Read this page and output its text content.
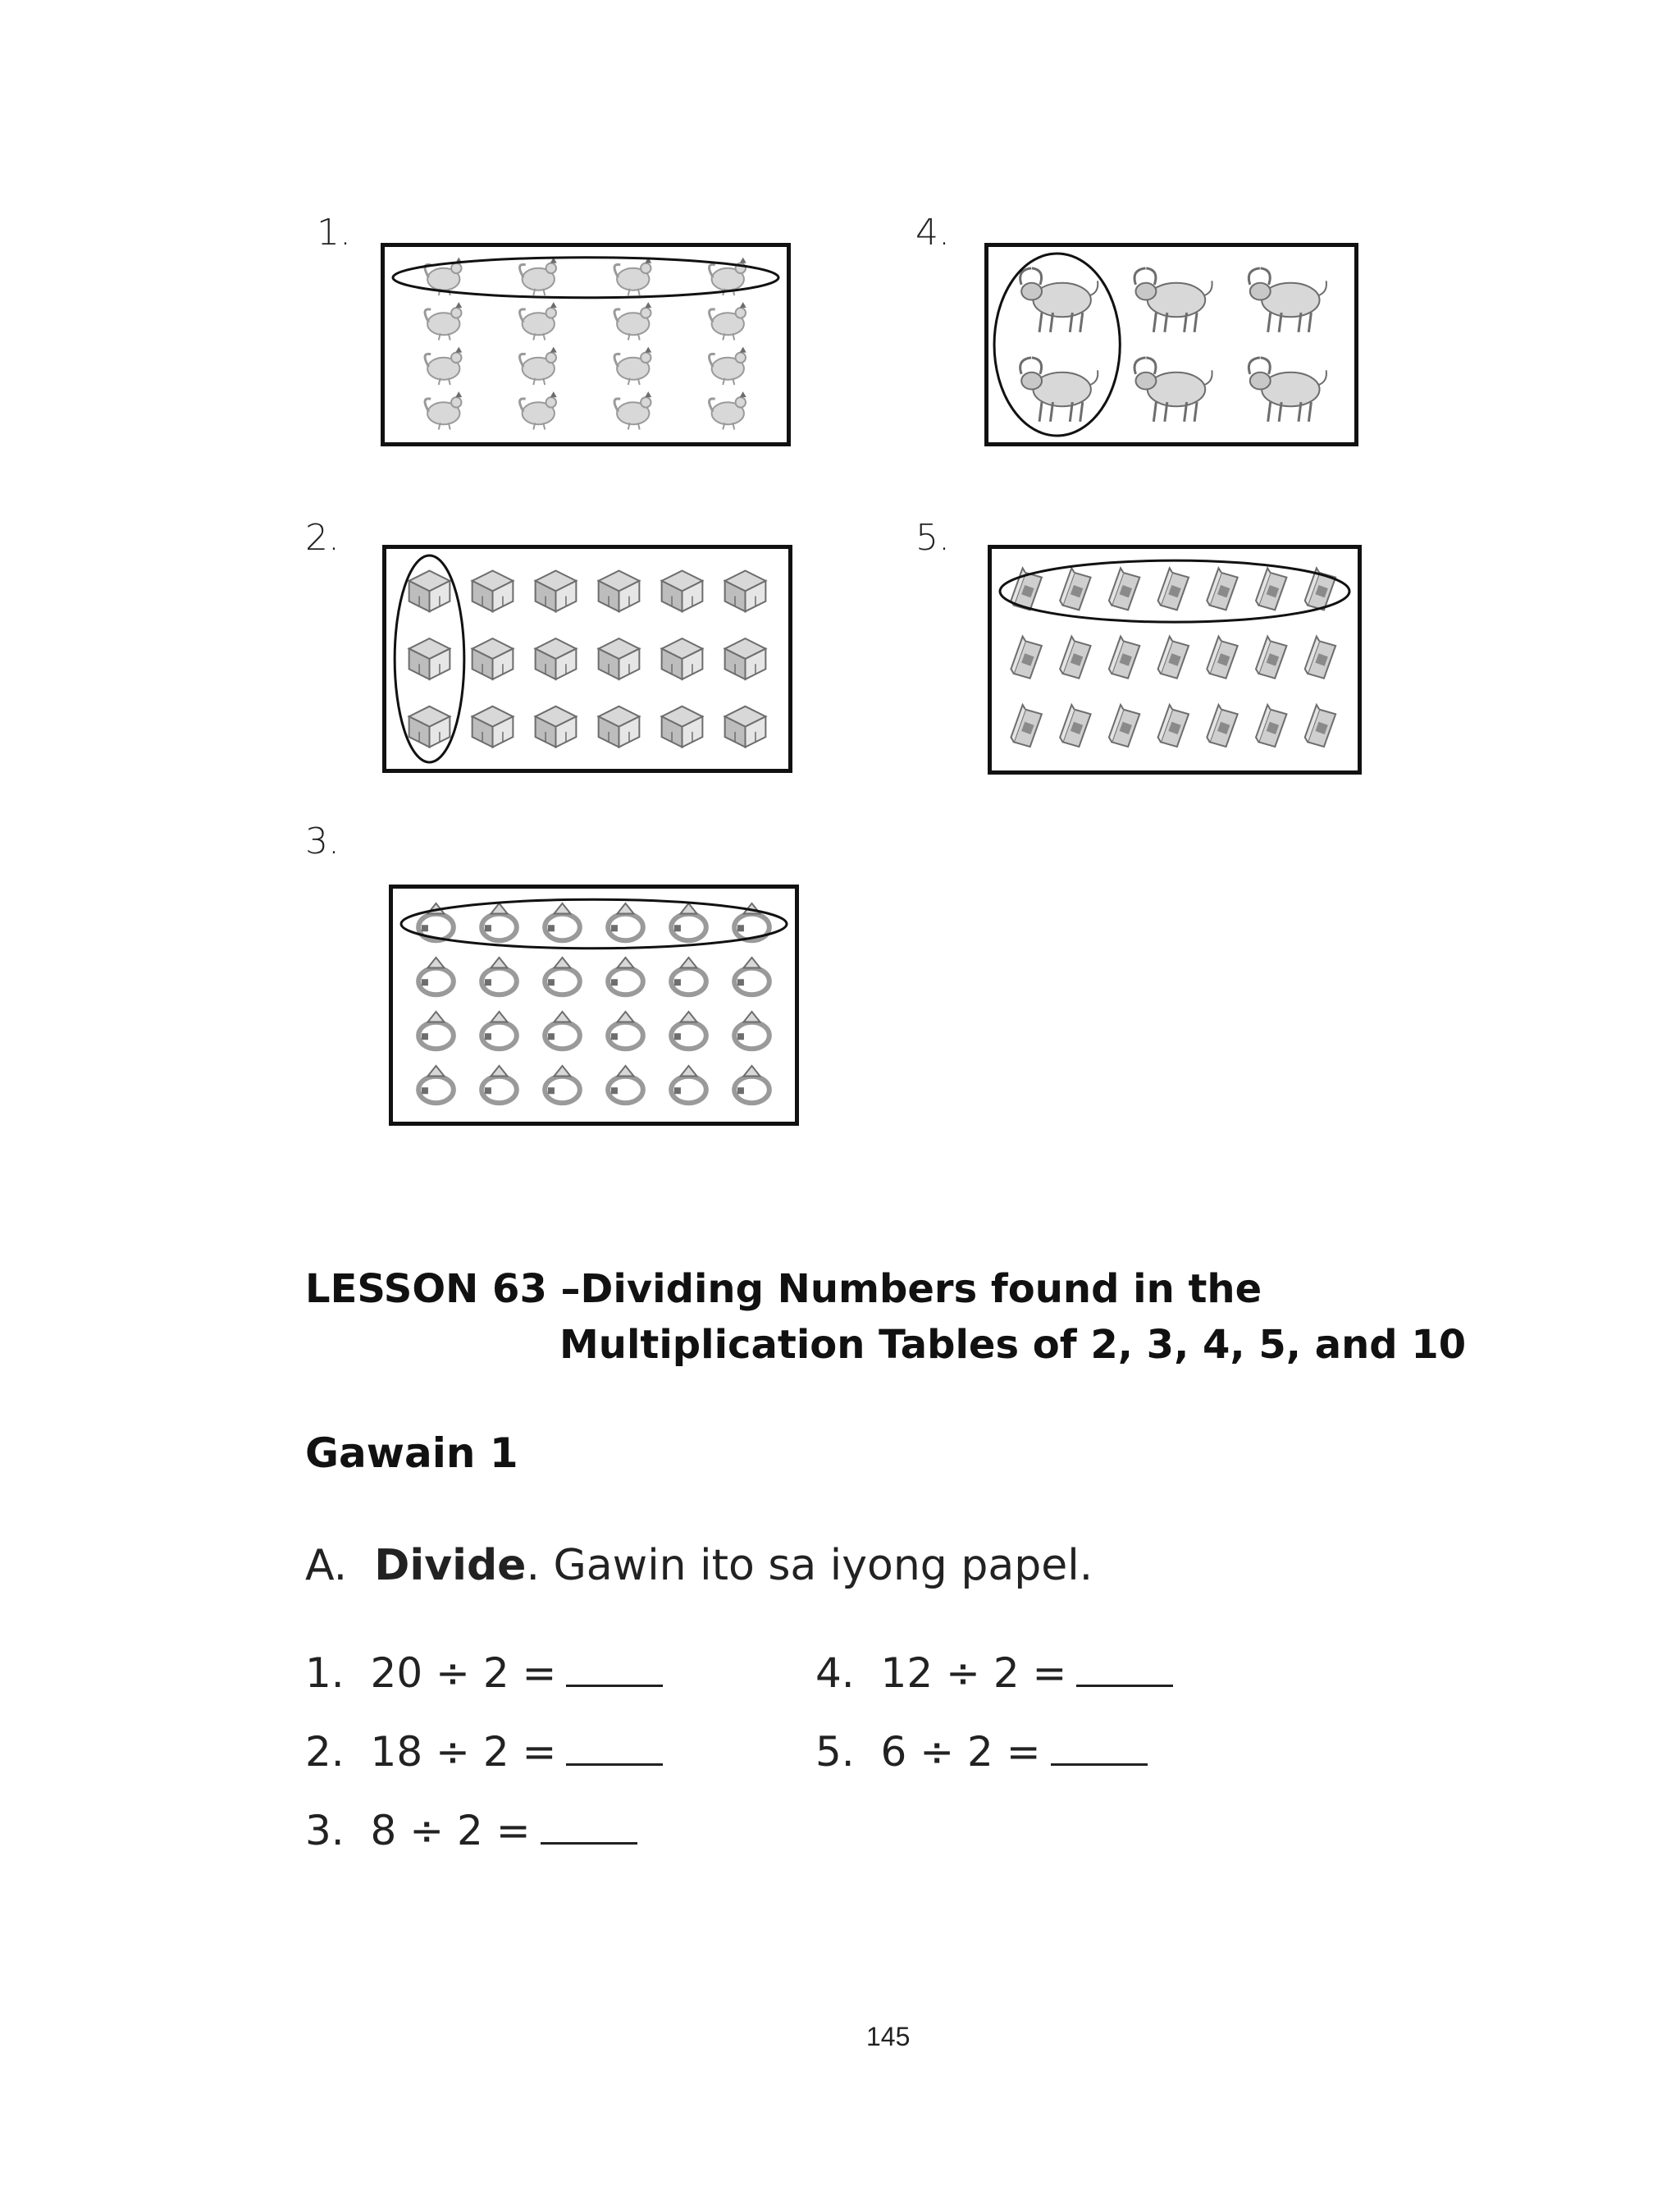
1.
2.
3.
4.
5.
LESSON 63 –Dividing Numbers found in the
Multiplication Tables of 2, 3, 4, 5, and 10
Gawain 1
A. Divide. Gawin ito sa iyong papel.
1. 20 ÷ 2 =
2. 18 ÷ 2 =
3. 8 ÷ 2 =
4. 12 ÷ 2 =
5. 6 ÷ 2 =
145
